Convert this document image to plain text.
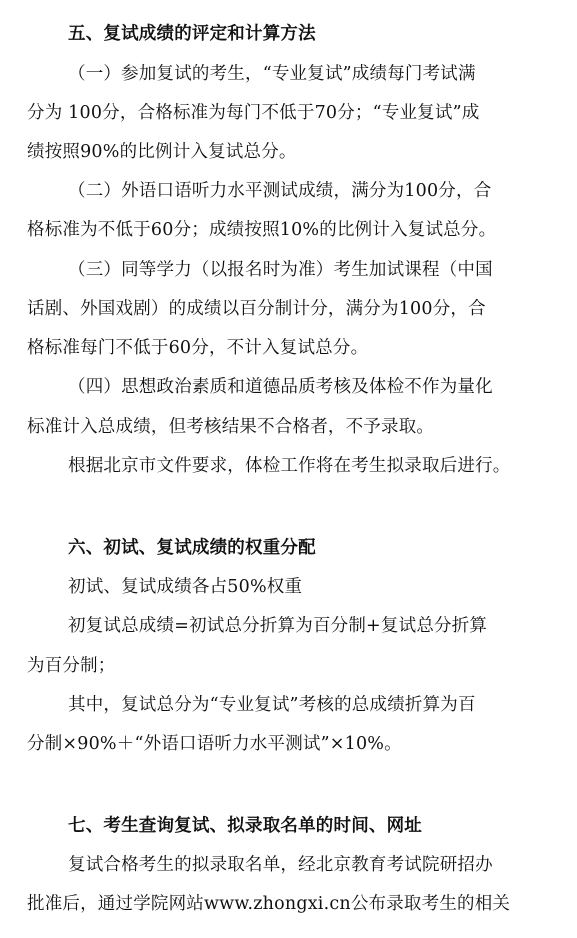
五、复试成绩的评定和计算方法
（一）参加复试的考生，“专业复试”成绩每门考试满
分为 100分，合格标准为每门不低于70分；“专业复试”成
绩按照90%的比例计入复试总分。
（二）外语口语听力水平测试成绩，满分为100分，合
格标准为不低于60分；成绩按照10%的比例计入复试总分。
（三）同等学力（以报名时为准）考生加试课程（中国
话剧、外国戏剧）的成绩以百分制计分，满分为100分，合
格标准每门不低于60分，不计入复试总分。
（四）思想政治素质和道德品质考核及体检不作为量化
标准计入总成绩，但考核结果不合格者，不予录取。
根据北京市文件要求，体检工作将在考生拟录取后进行。
六、初试、复试成绩的权重分配
初试、复试成绩各占50%权重
初复试总成绩=初试总分折算为百分制+复试总分折算
为百分制；
其中，复试总分为“专业复试”考核的总成绩折算为百
分制×90%＋“外语口语听力水平测试”×10%。
七、考生查询复试、拟录取名单的时间、网址
复试合格考生的拟录取名单，经北京教育考试院研招办
批准后，通过学院网站www.zhongxi.cn公布录取考生的相关
